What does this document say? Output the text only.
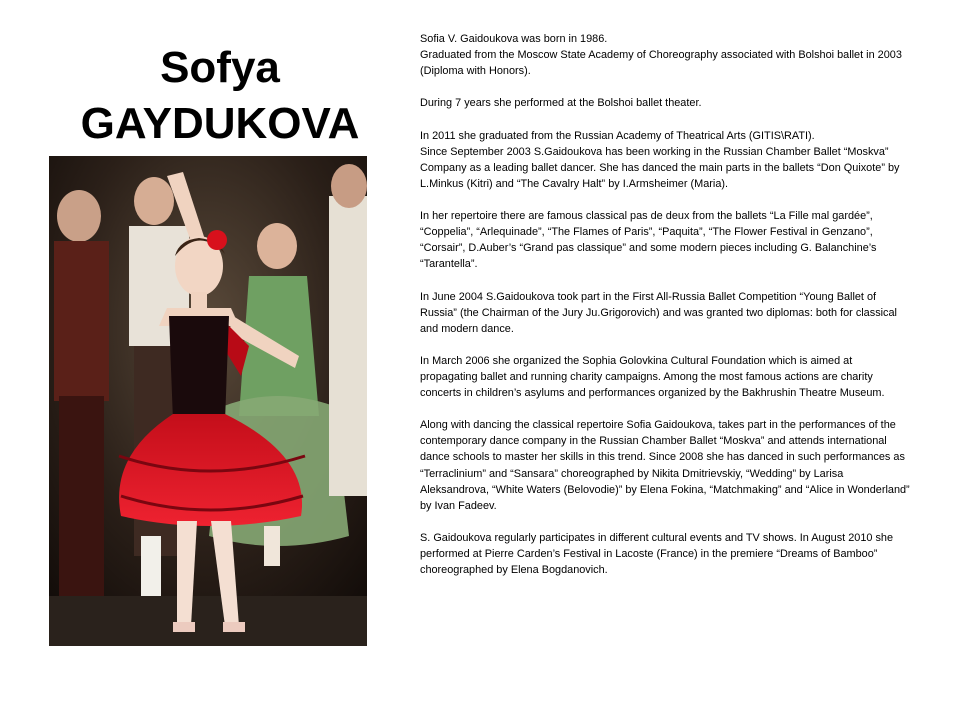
Sofya
GAYDUKOVA

Sofia V. Gaidoukova was born in 1986.

Graduated from the Moscow State Academy of Choreography associated with Bolshoi ballet in 2003 (Diploma with Honors).

During 7 years she performed at the Bolshoi ballet theater.

In 2011 she graduated from the Russian Academy of Theatrical Arts (GITIS\RATI).
Since September 2003 S.Gaidoukova has been working in the Russian Chamber Ballet “Moskva” Company as a leading ballet dancer. She has danced the main parts in the ballets “Don Quixote” by L.Minkus (Kitri) and “The Cavalry Halt” by I.Armsheimer (Maria).

In her repertoire there are famous classical pas de deux from the ballets “La Fille mal gardée”, “Coppelia”, “Arlequinade”, “The Flames of Paris”, “Paquita”, “The Flower Festival in Genzano”, “Corsair”, D.Auber’s “Grand pas classique” and some modern pieces including G. Balanchine’s “Tarantella”.

In June 2004 S.Gaidoukova took part in the First All-Russia Ballet Competition “Young Ballet of Russia” (the Chairman of the Jury Ju.Grigorovich) and was granted two diplomas: both for classical and modern dance.

In March 2006 she organized the Sophia Golovkina Cultural Foundation which is aimed at propagating ballet and running charity campaigns. Among the most famous actions are charity concerts in children’s asylums and performances organized by the Bakhrushin Theatre Museum.

Along with dancing the classical repertoire Sofia Gaidoukova, takes part in the performances of the contemporary dance company in the Russian Chamber Ballet “Moskva” and attends international dance schools to master her skills in this trend. Since 2008 she has danced in such performances as “Terraclinium” and “Sansara” choreographed by Nikita Dmitrievskiy, “Wedding” by Larisa Aleksandrova, “White Waters (Belovodie)” by Elena Fokina, “Matchmaking” and “Alice in Wonderland” by Ivan Fadeev.

S. Gaidoukova regularly participates in different cultural events and TV shows. In August 2010 she performed at Pierre Carden’s Festival in Lacoste (France) in the premiere “Dreams of Bamboo” choreographed by Elena Bogdanovich.
